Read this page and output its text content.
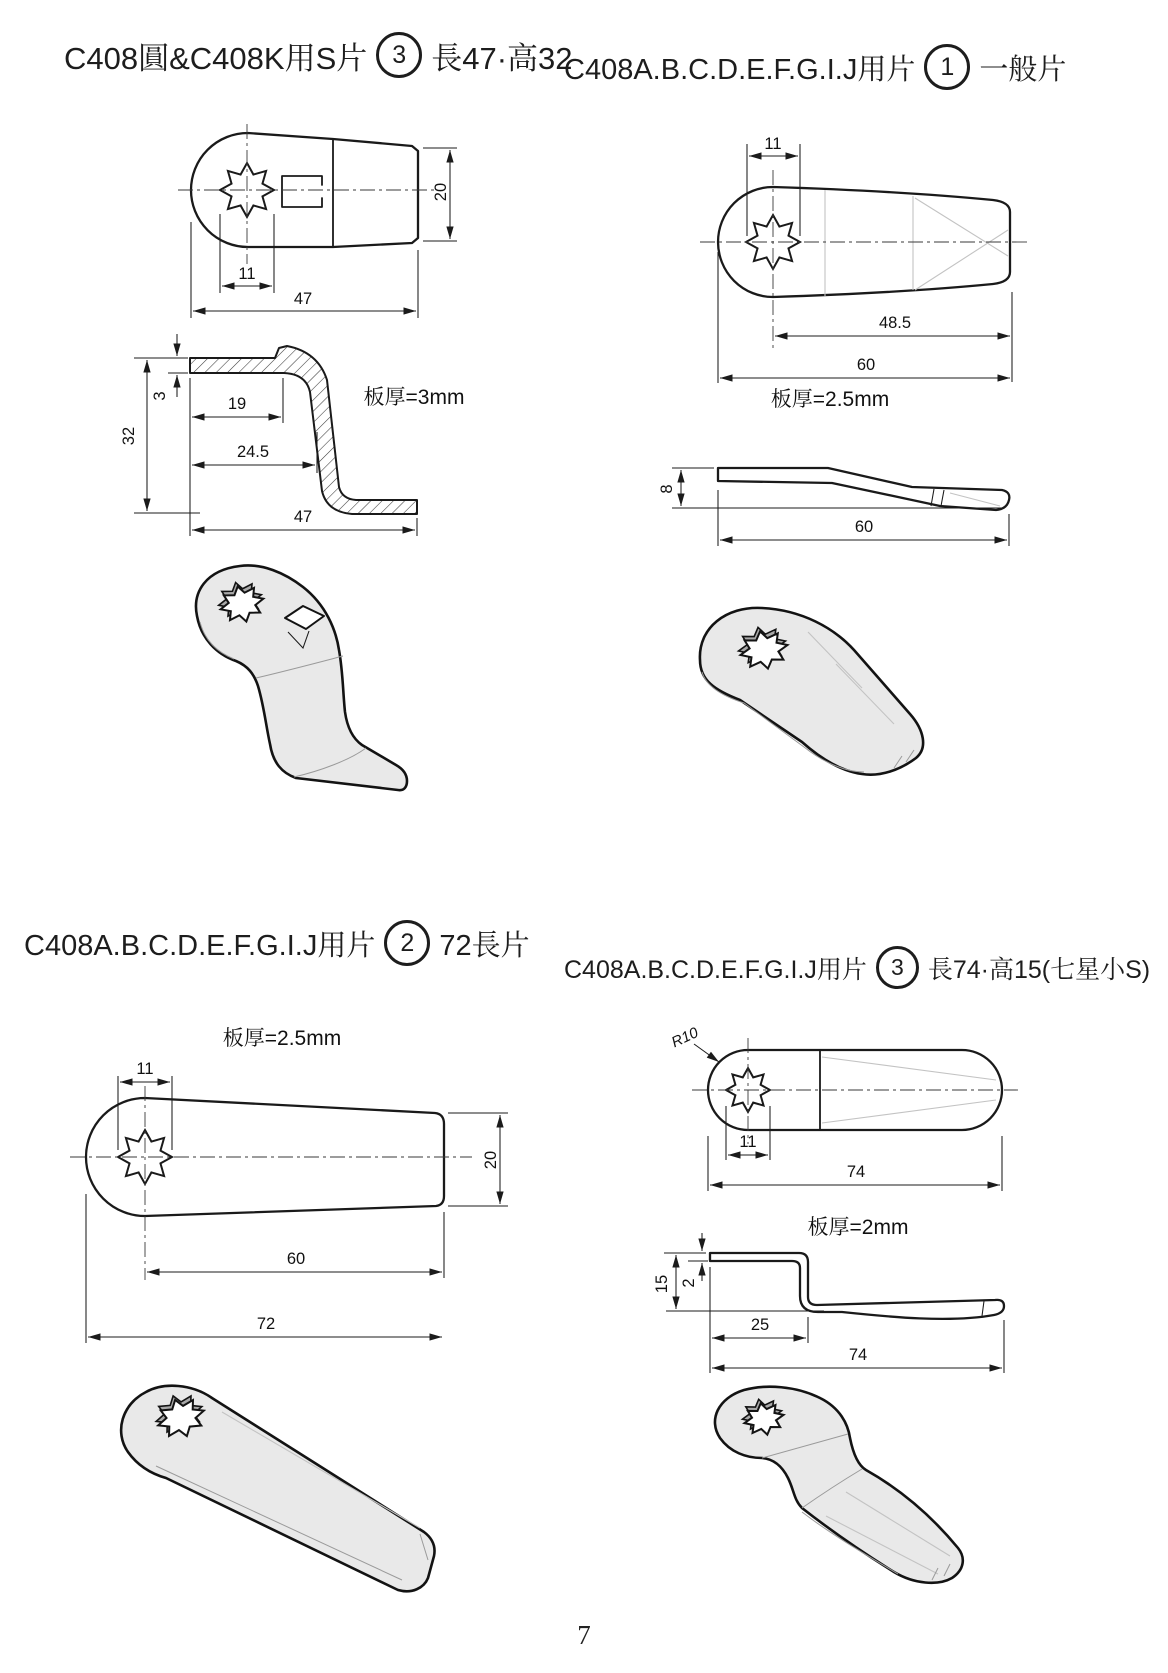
C408圓&C408K用S片	3 長47·高32
C408A.B.C.D.E.F.G.I.J用片	1 一般片
C408A.B.C.D.E.F.G.I.J用片	2 72長片
C408A.B.C.D.E.F.G.I.J用片	3 長74·高15(七星小S)
20
11
47
板厚=3mm
3
32
19
24.5
47
11
48.5
60
板厚=2.5mm
8
60
板厚=2.5mm
11
20
60
72
R10
11
74
板厚=2mm
15 2
25
74
7
